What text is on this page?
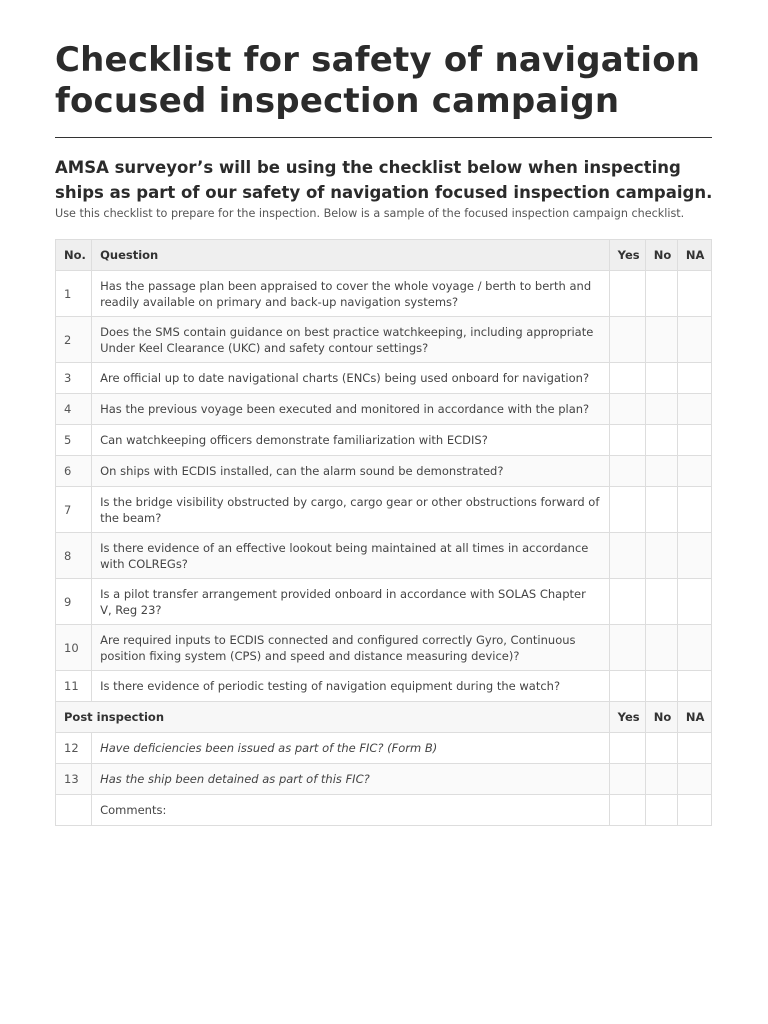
Checklist for safety of navigation focused inspection campaign

AMSA surveyor’s will be using the checklist below when inspecting ships as part of our safety of navigation focused inspection campaign.

Use this checklist to prepare for the inspection. Below is a sample of the focused inspection campaign checklist.

No.	Question	Yes	No	NA
1	Has the passage plan been appraised to cover the whole voyage / berth to berth and readily available on primary and back-up navigation systems?			
2	Does the SMS contain guidance on best practice watchkeeping, including appropriate Under Keel Clearance (UKC) and safety contour settings?			
3	Are official up to date navigational charts (ENCs) being used onboard for navigation?			
4	Has the previous voyage been executed and monitored in accordance with the plan?			
5	Can watchkeeping officers demonstrate familiarization with ECDIS?			
6	On ships with ECDIS installed, can the alarm sound be demonstrated?			
7	Is the bridge visibility obstructed by cargo, cargo gear or other obstructions forward of the beam?			
8	Is there evidence of an effective lookout being maintained at all times in accordance with COLREGs?			
9	Is a pilot transfer arrangement provided onboard in accordance with SOLAS Chapter V, Reg 23?			
10	Are required inputs to ECDIS connected and configured correctly Gyro, Continuous position fixing system (CPS) and speed and distance measuring device)?			
11	Is there evidence of periodic testing of navigation equipment during the watch?			
Post inspection		Yes	No	NA
12	Have deficiencies been issued as part of the FIC? (Form B)			
13	Has the ship been detained as part of this FIC?			
	Comments:			
